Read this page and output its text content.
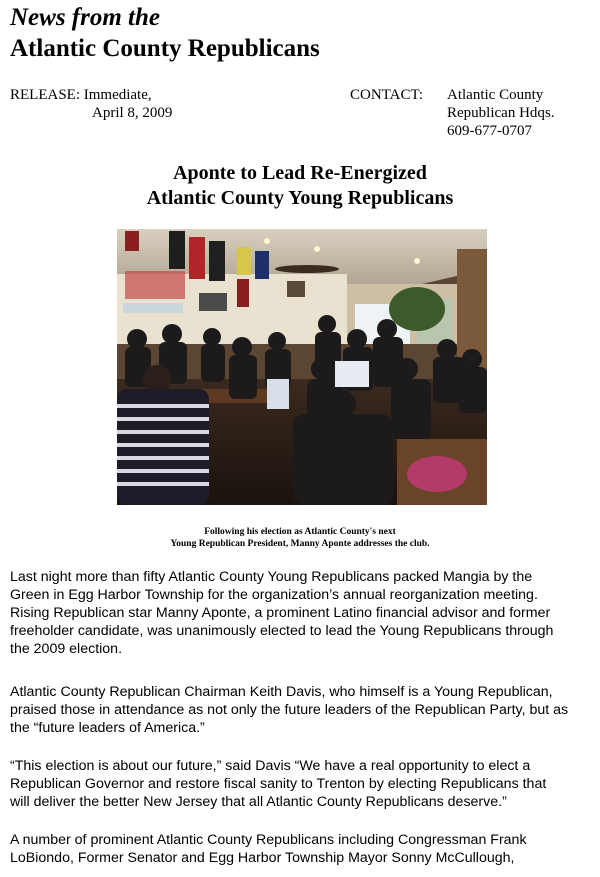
News from the
Atlantic County Republicans
RELEASE: Immediate,
April 8, 2009
CONTACT: Atlantic County
Republican Hdqs.
609-677-0707
Aponte to Lead Re-Energized
Atlantic County Young Republicans
Following his election as Atlantic County's next
Young Republican President, Manny Aponte addresses the club.
Last night more than fifty Atlantic County Young Republicans packed Mangia by the
Green in Egg Harbor Township for the organization’s annual reorganization meeting.
Rising Republican star Manny Aponte, a prominent Latino financial advisor and former
freeholder candidate, was unanimously elected to lead the Young Republicans through
the 2009 election.
Atlantic County Republican Chairman Keith Davis, who himself is a Young Republican,
praised those in attendance as not only the future leaders of the Republican Party, but as
the “future leaders of America.”
“This election is about our future,” said Davis “We have a real opportunity to elect a
Republican Governor and restore fiscal sanity to Trenton by electing Republicans that
will deliver the better New Jersey that all Atlantic County Republicans deserve.”
A number of prominent Atlantic County Republicans including Congressman Frank
LoBiondo, Former Senator and Egg Harbor Township Mayor Sonny McCullough,
